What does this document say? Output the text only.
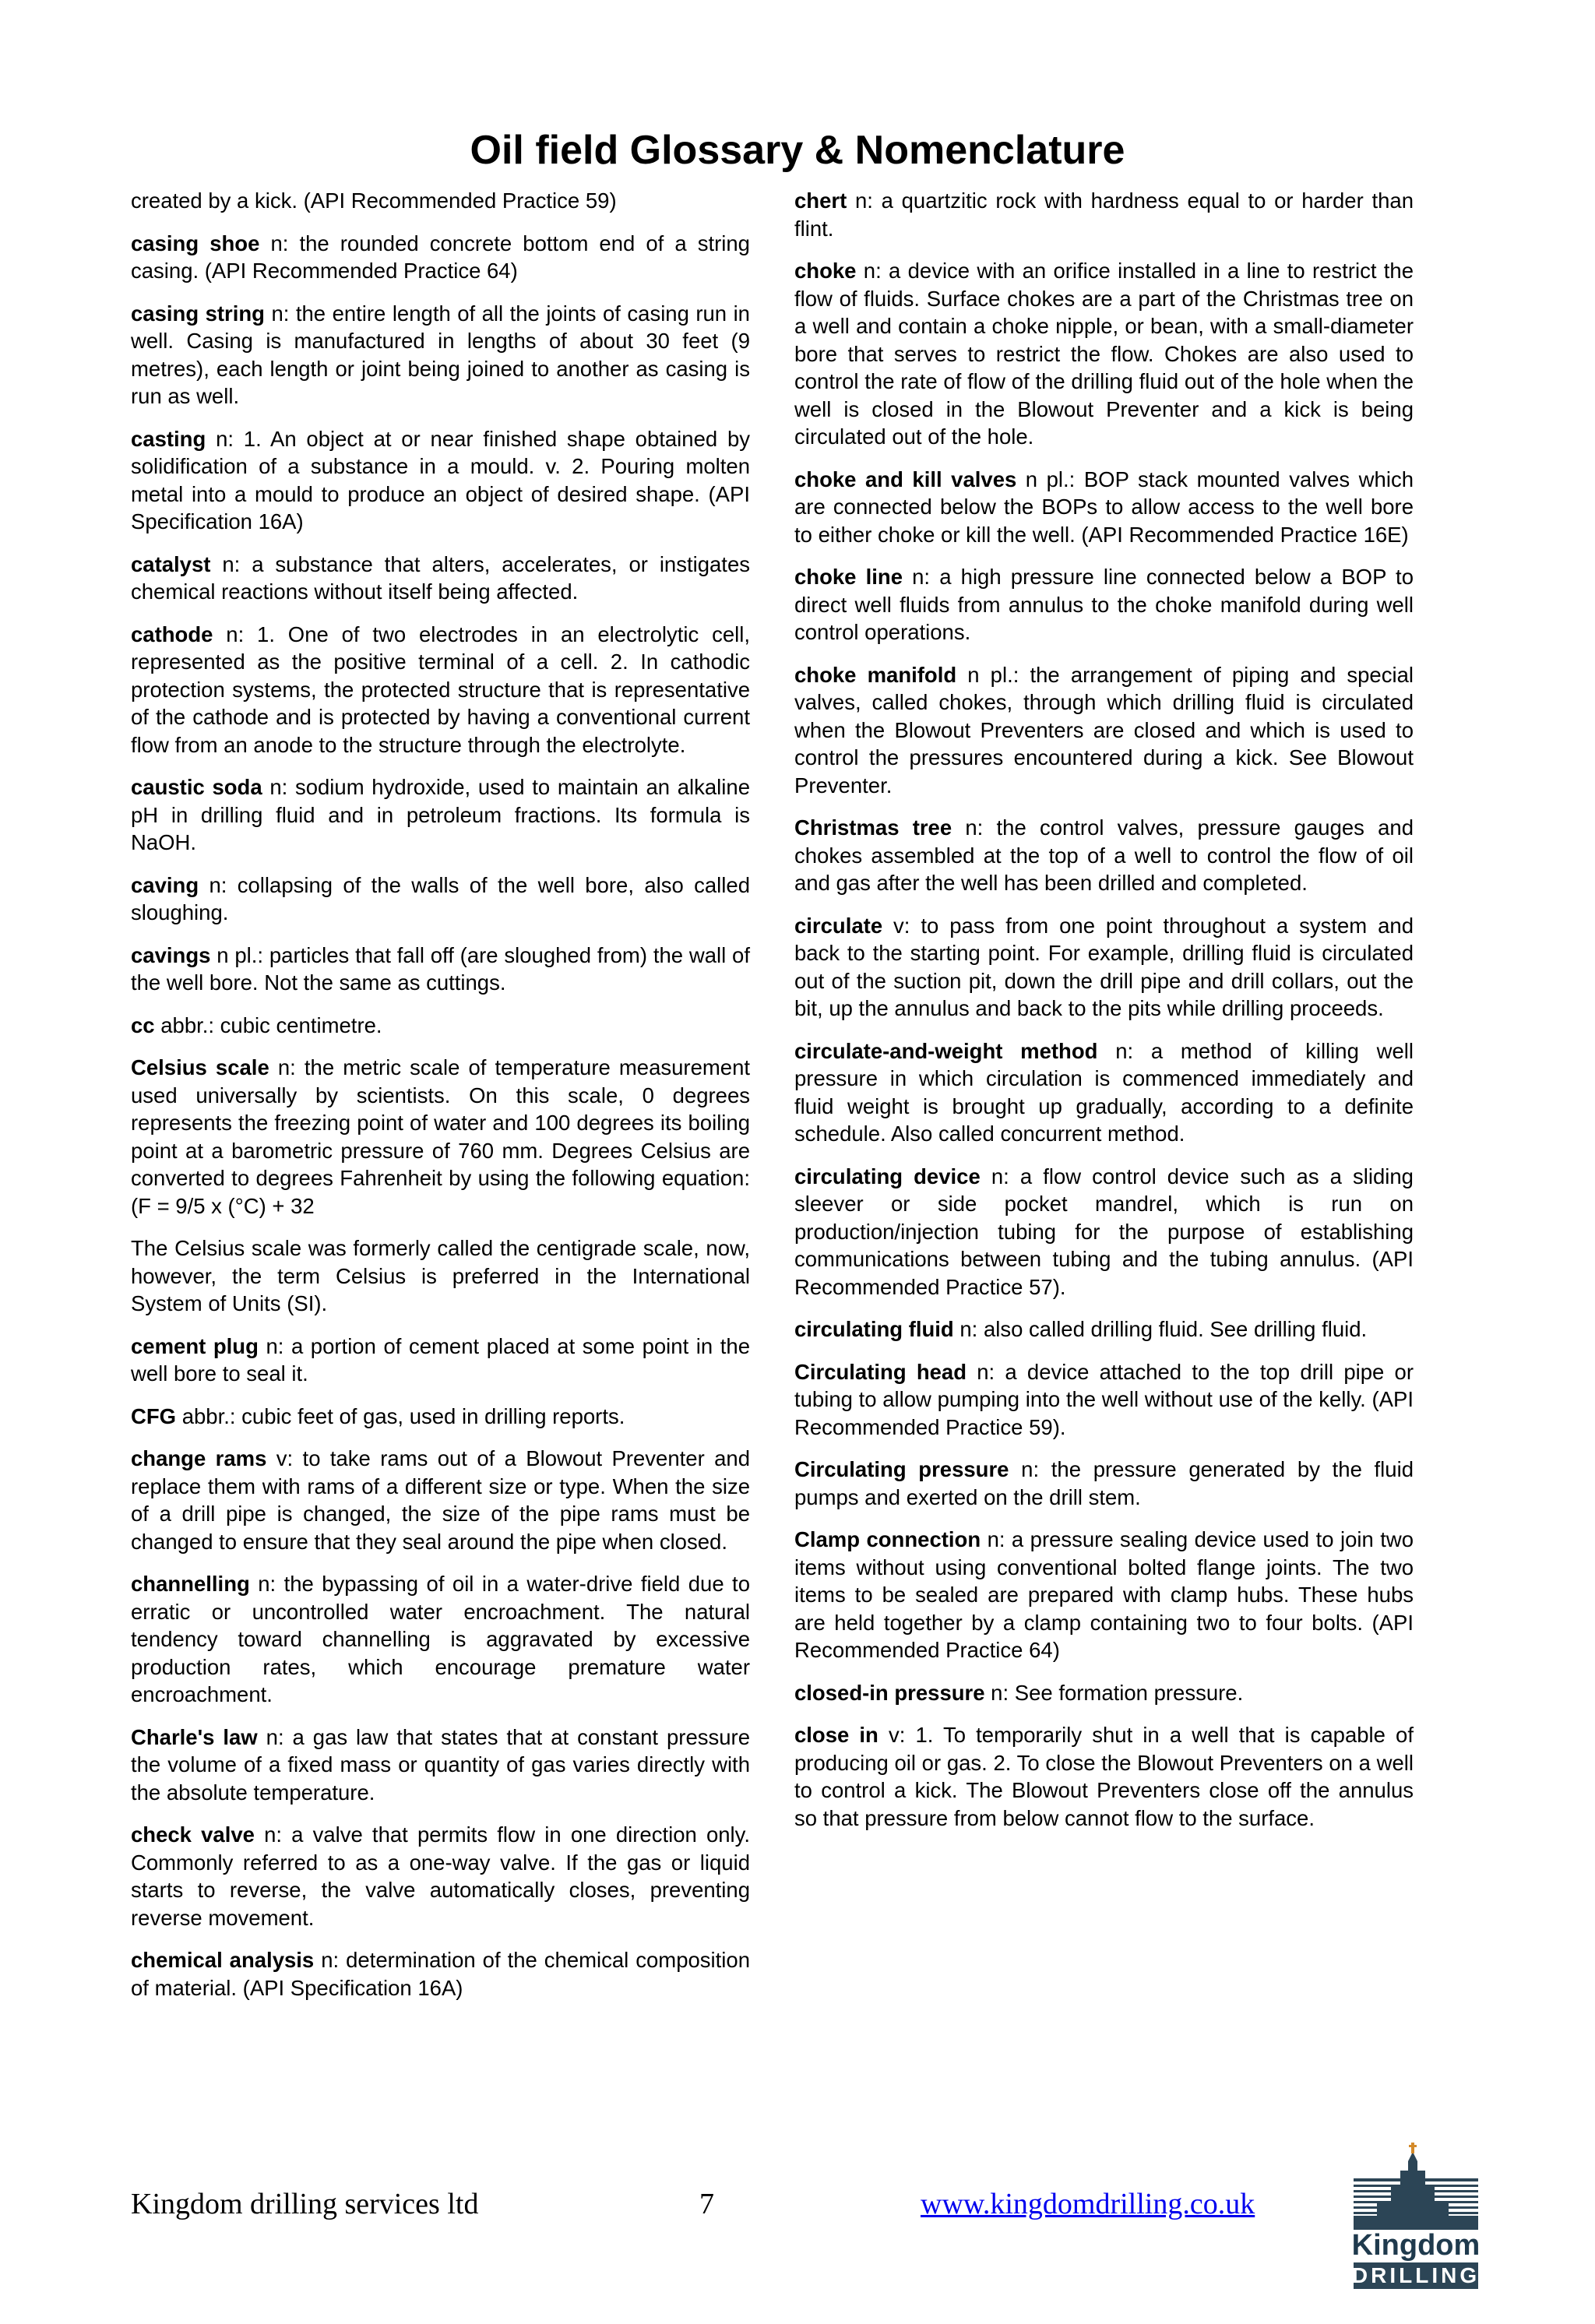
Oil field Glossary & Nomenclature

created by a kick. (API Recommended Practice 59)

casing shoe n: the rounded concrete bottom end of a string casing. (API Recommended Practice 64)

casing string n: the entire length of all the joints of casing run in well. Casing is manufactured in lengths of about 30 feet (9 metres), each length or joint being joined to another as casing is run as well.

casting n: 1. An object at or near finished shape obtained by solidification of a substance in a mould. v. 2. Pouring molten metal into a mould to produce an object of desired shape. (API Specification 16A)

catalyst n: a substance that alters, accelerates, or instigates chemical reactions without itself being affected.

cathode n: 1. One of two electrodes in an electrolytic cell, represented as the positive terminal of a cell. 2. In cathodic protection systems, the protected structure that is representative of the cathode and is protected by having a conventional current flow from an anode to the structure through the electrolyte.

caustic soda n: sodium hydroxide, used to maintain an alkaline pH in drilling fluid and in petroleum fractions. Its formula is NaOH.

caving n: collapsing of the walls of the well bore, also called sloughing.

cavings n pl.: particles that fall off (are sloughed from) the wall of the well bore. Not the same as cuttings.

cc abbr.: cubic centimetre.

Celsius scale n: the metric scale of temperature measurement used universally by scientists. On this scale, 0 degrees represents the freezing point of water and 100 degrees its boiling point at a barometric pressure of 760 mm. Degrees Celsius are converted to degrees Fahrenheit by using the following equation: (F = 9/5 x (°C) + 32

The Celsius scale was formerly called the centigrade scale, now, however, the term Celsius is preferred in the International System of Units (SI).

cement plug n: a portion of cement placed at some point in the well bore to seal it.

CFG abbr.: cubic feet of gas, used in drilling reports.

change rams v: to take rams out of a Blowout Preventer and replace them with rams of a different size or type. When the size of a drill pipe is changed, the size of the pipe rams must be changed to ensure that they seal around the pipe when closed.

channelling n: the bypassing of oil in a water-drive field due to erratic or uncontrolled water encroachment. The natural tendency toward channelling is aggravated by excessive production rates, which encourage premature water encroachment.

Charle's law n: a gas law that states that at constant pressure the volume of a fixed mass or quantity of gas varies directly with the absolute temperature.

check valve n: a valve that permits flow in one direction only. Commonly referred to as a one-way valve. If the gas or liquid starts to reverse, the valve automatically closes, preventing reverse movement.

chemical analysis n: determination of the chemical composition of material. (API Specification 16A)

chert n: a quartzitic rock with hardness equal to or harder than flint.

choke n: a device with an orifice installed in a line to restrict the flow of fluids. Surface chokes are a part of the Christmas tree on a well and contain a choke nipple, or bean, with a small-diameter bore that serves to restrict the flow. Chokes are also used to control the rate of flow of the drilling fluid out of the hole when the well is closed in the Blowout Preventer and a kick is being circulated out of the hole.

choke and kill valves n pl.: BOP stack mounted valves which are connected below the BOPs to allow access to the well bore to either choke or kill the well. (API Recommended Practice 16E)

choke line n: a high pressure line connected below a BOP to direct well fluids from annulus to the choke manifold during well control operations.

choke manifold n pl.: the arrangement of piping and special valves, called chokes, through which drilling fluid is circulated when the Blowout Preventers are closed and which is used to control the pressures encountered during a kick. See Blowout Preventer.

Christmas tree n: the control valves, pressure gauges and chokes assembled at the top of a well to control the flow of oil and gas after the well has been drilled and completed.

circulate v: to pass from one point throughout a system and back to the starting point. For example, drilling fluid is circulated out of the suction pit, down the drill pipe and drill collars, out the bit, up the annulus and back to the pits while drilling proceeds.

circulate-and-weight method n: a method of killing well pressure in which circulation is commenced immediately and fluid weight is brought up gradually, according to a definite schedule. Also called concurrent method.

circulating device n: a flow control device such as a sliding sleever or side pocket mandrel, which is run on production/injection tubing for the purpose of establishing communications between tubing and the tubing annulus. (API Recommended Practice 57).

circulating fluid n: also called drilling fluid. See drilling fluid.

Circulating head n: a device attached to the top drill pipe or tubing to allow pumping into the well without use of the kelly. (API Recommended Practice 59).

Circulating pressure n: the pressure generated by the fluid pumps and exerted on the drill stem.

Clamp connection n: a pressure sealing device used to join two items without using conventional bolted flange joints. The two items to be sealed are prepared with clamp hubs. These hubs are held together by a clamp containing two to four bolts. (API Recommended Practice 64)

closed-in pressure n: See formation pressure.

close in v: 1. To temporarily shut in a well that is capable of producing oil or gas. 2. To close the Blowout Preventers on a well to control a kick. The Blowout Preventers close off the annulus so that pressure from below cannot flow to the surface.

Kingdom drilling services ltd	7	www.kingdomdrilling.co.uk
Kingdom
DRILLING
